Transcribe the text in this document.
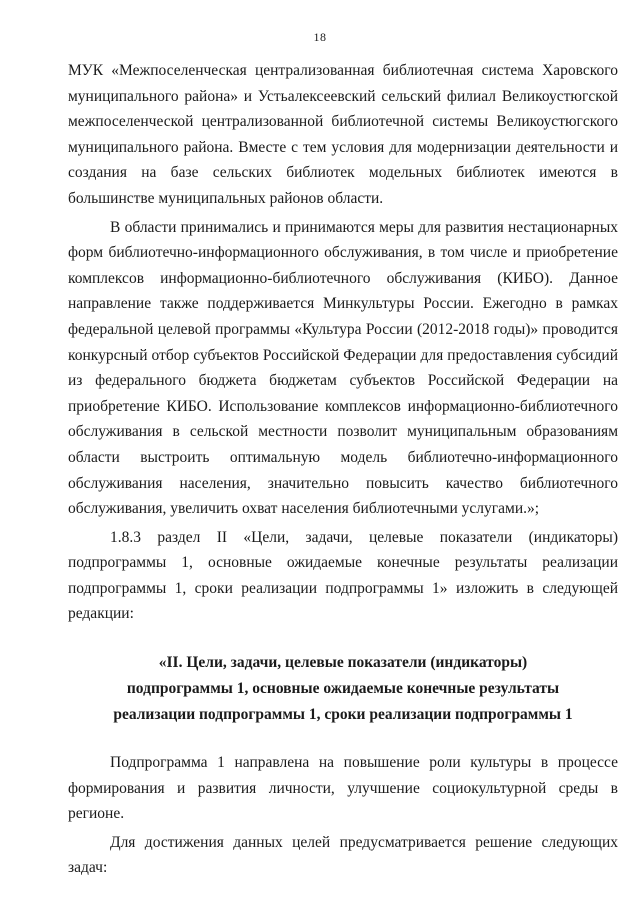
18

МУК «Межпоселенческая централизованная библиотечная система Харовского муниципального района» и Устьалексеевский сельский филиал Великоустюгской межпоселенческой централизованной библиотечной системы Великоустюгского муниципального района. Вместе с тем условия для модернизации деятельности и создания на базе сельских библиотек модельных библиотек имеются в большинстве муниципальных районов области.

В области принимались и принимаются меры для развития нестационарных форм библиотечно-информационного обслуживания, в том числе и приобретение комплексов информационно-библиотечного обслуживания (КИБО). Данное направление также поддерживается Минкультуры России. Ежегодно в рамках федеральной целевой программы «Культура России (2012-2018 годы)» проводится конкурсный отбор субъектов Российской Федерации для предоставления субсидий из федерального бюджета бюджетам субъектов Российской Федерации на приобретение КИБО. Использование комплексов информационно-библиотечного обслуживания в сельской местности позволит муниципальным образованиям области выстроить оптимальную модель библиотечно-информационного обслуживания населения, значительно повысить качество библиотечного обслуживания, увеличить охват населения библиотечными услугами.»;

1.8.3 раздел II «Цели, задачи, целевые показатели (индикаторы) подпрограммы 1, основные ожидаемые конечные результаты реализации подпрограммы 1, сроки реализации подпрограммы 1» изложить в следующей редакции:

«II. Цели, задачи, целевые показатели (индикаторы)
подпрограммы 1, основные ожидаемые конечные результаты
реализации подпрограммы 1, сроки реализации подпрограммы 1

Подпрограмма 1 направлена на повышение роли культуры в процессе формирования и развития личности, улучшение социокультурной среды в регионе.

Для достижения данных целей предусматривается решение следующих задач:
